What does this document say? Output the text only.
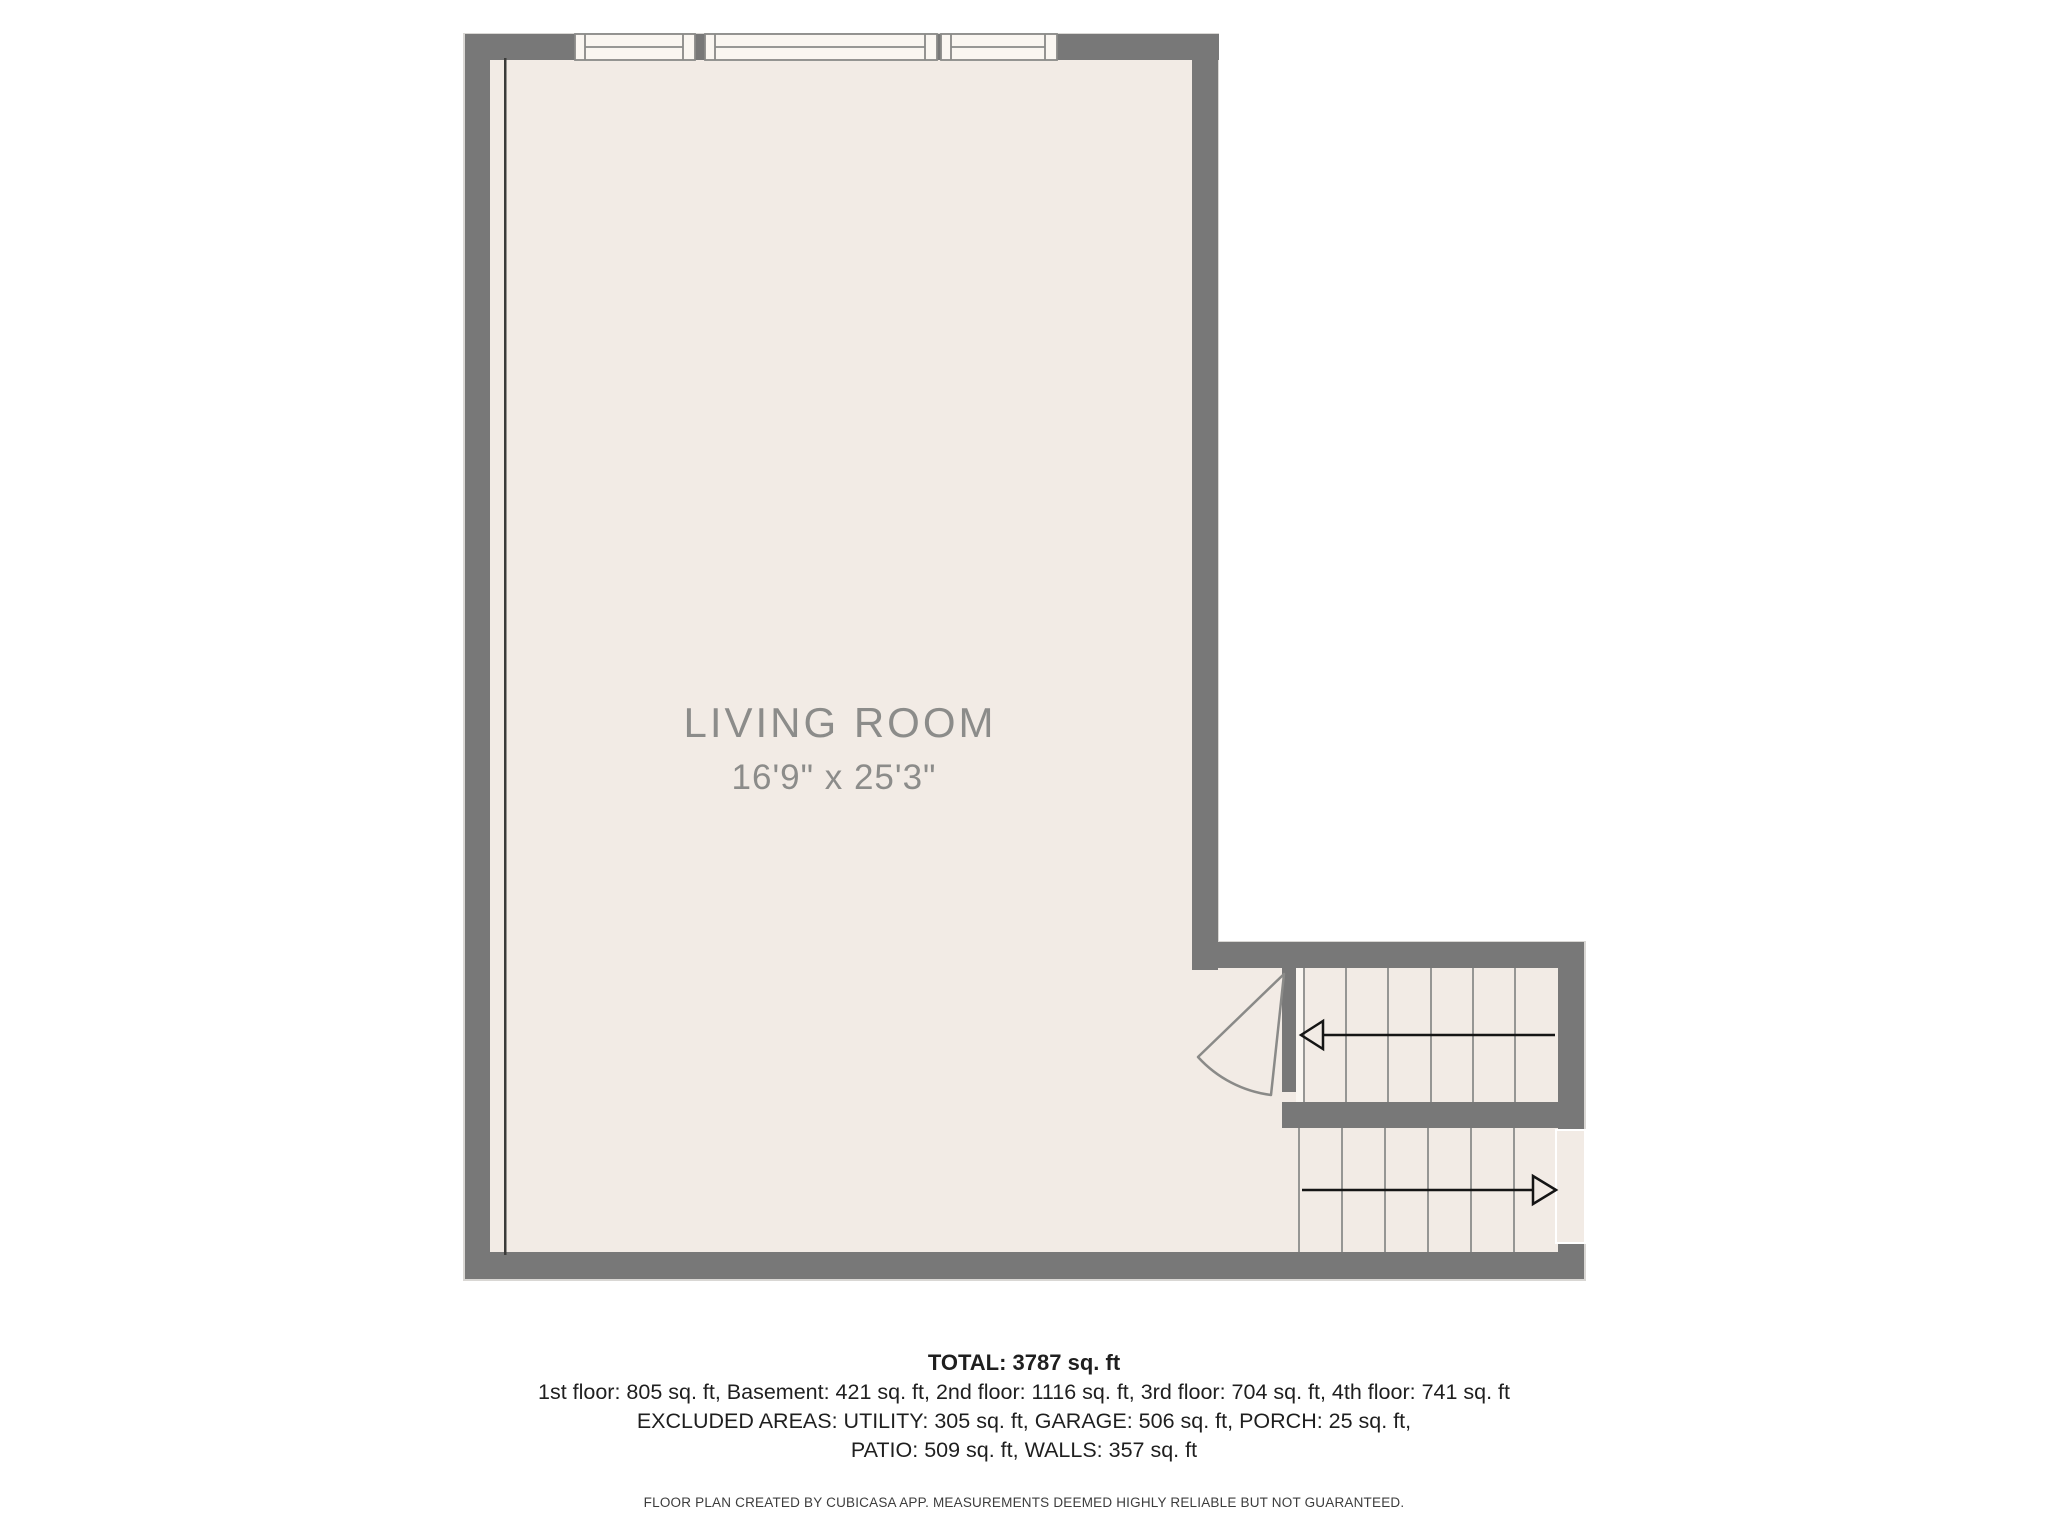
LIVING ROOM
16'9" x 25'3"
TOTAL: 3787 sq. ft
1st floor: 805 sq. ft, Basement: 421 sq. ft, 2nd floor: 1116 sq. ft, 3rd floor: 704 sq. ft, 4th floor: 741 sq. ft
EXCLUDED AREAS: UTILITY: 305 sq. ft, GARAGE: 506 sq. ft, PORCH: 25 sq. ft,
PATIO: 509 sq. ft, WALLS: 357 sq. ft
FLOOR PLAN CREATED BY CUBICASA APP. MEASUREMENTS DEEMED HIGHLY RELIABLE BUT NOT GUARANTEED.
